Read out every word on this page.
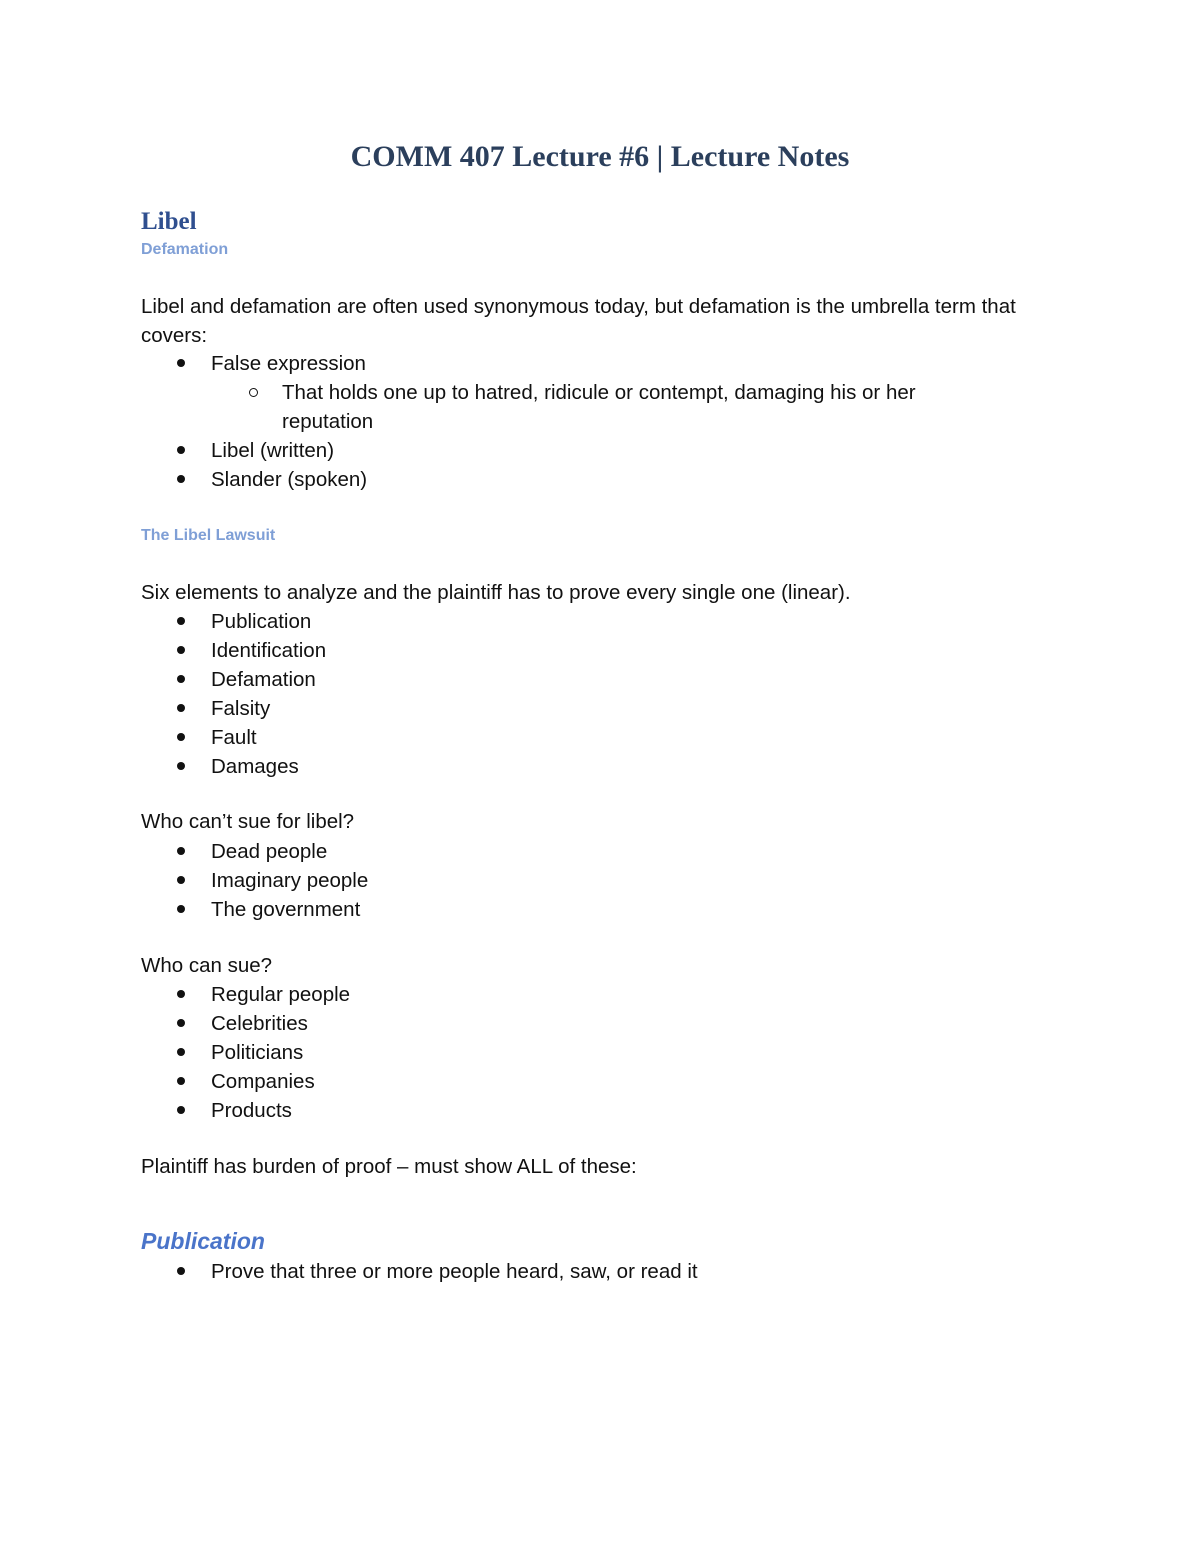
COMM 407 Lecture #6 | Lecture Notes
Libel
Defamation

Libel and defamation are often used synonymous today, but defamation is the umbrella term that covers:

False expression
That holds one up to hatred, ridicule or contempt, damaging his or her reputation
Libel (written)
Slander (spoken)
The Libel Lawsuit

Six elements to analyze and the plaintiff has to prove every single one (linear).

Publication
Identification
Defamation
Falsity
Fault
Damages

Who can’t sue for libel?

Dead people
Imaginary people
The government

Who can sue?

Regular people
Celebrities
Politicians
Companies
Products

Plaintiff has burden of proof – must show ALL of these:

Publication
Prove that three or more people heard, saw, or read it
